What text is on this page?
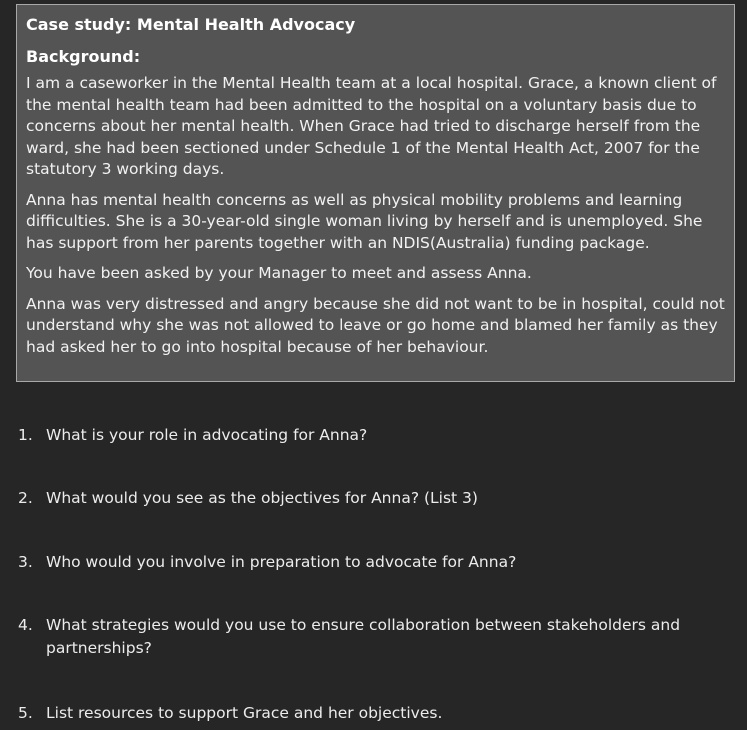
Case study: Mental Health Advocacy
Background:

I am a caseworker in the Mental Health team at a local hospital. Grace, a known client of the mental health team had been admitted to the hospital on a voluntary basis due to concerns about her mental health. When Grace had tried to discharge herself from the ward, she had been sectioned under Schedule 1 of the Mental Health Act, 2007 for the statutory 3 working days.

Anna has mental health concerns as well as physical mobility problems and learning difficulties. She is a 30-year-old single woman living by herself and is unemployed. She has support from her parents together with an NDIS(Australia) funding package.

You have been asked by your Manager to meet and assess Anna.

Anna was very distressed and angry because she did not want to be in hospital, could not understand why she was not allowed to leave or go home and blamed her family as they had asked her to go into hospital because of her behaviour.

1. What is your role in advocating for Anna?
2. What would you see as the objectives for Anna? (List 3)
3. Who would you involve in preparation to advocate for Anna?
4. What strategies would you use to ensure collaboration between stakeholders and partnerships?
5. List resources to support Grace and her objectives.
